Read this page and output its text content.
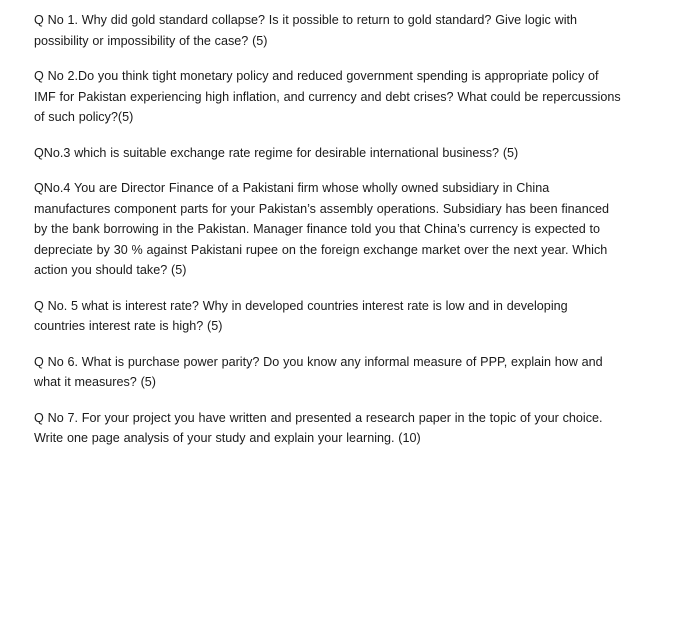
Q No 1. Why did gold standard collapse? Is it possible to return to gold standard? Give logic with
possibility or impossibility of the case? (5)

Q No 2.Do you think tight monetary policy and reduced government spending is appropriate policy of
IMF for Pakistan experiencing high inflation, and currency and debt crises? What could be repercussions
of such policy?(5)

QNo.3 which is suitable exchange rate regime for desirable international business? (5)

QNo.4 You are Director Finance of a Pakistani firm whose wholly owned subsidiary in China
manufactures component parts for your Pakistan’s assembly operations. Subsidiary has been financed
by the bank borrowing in the Pakistan. Manager finance told you that China’s currency is expected to
depreciate by 30 % against Pakistani rupee on the foreign exchange market over the next year. Which
action you should take? (5)

Q No. 5 what is interest rate? Why in developed countries interest rate is low and in developing
countries interest rate is high? (5)

Q No 6. What is purchase power parity? Do you know any informal measure of PPP, explain how and
what it measures? (5)

Q No 7. For your project you have written and presented a research paper in the topic of your choice.
Write one page analysis of your study and explain your learning. (10)
